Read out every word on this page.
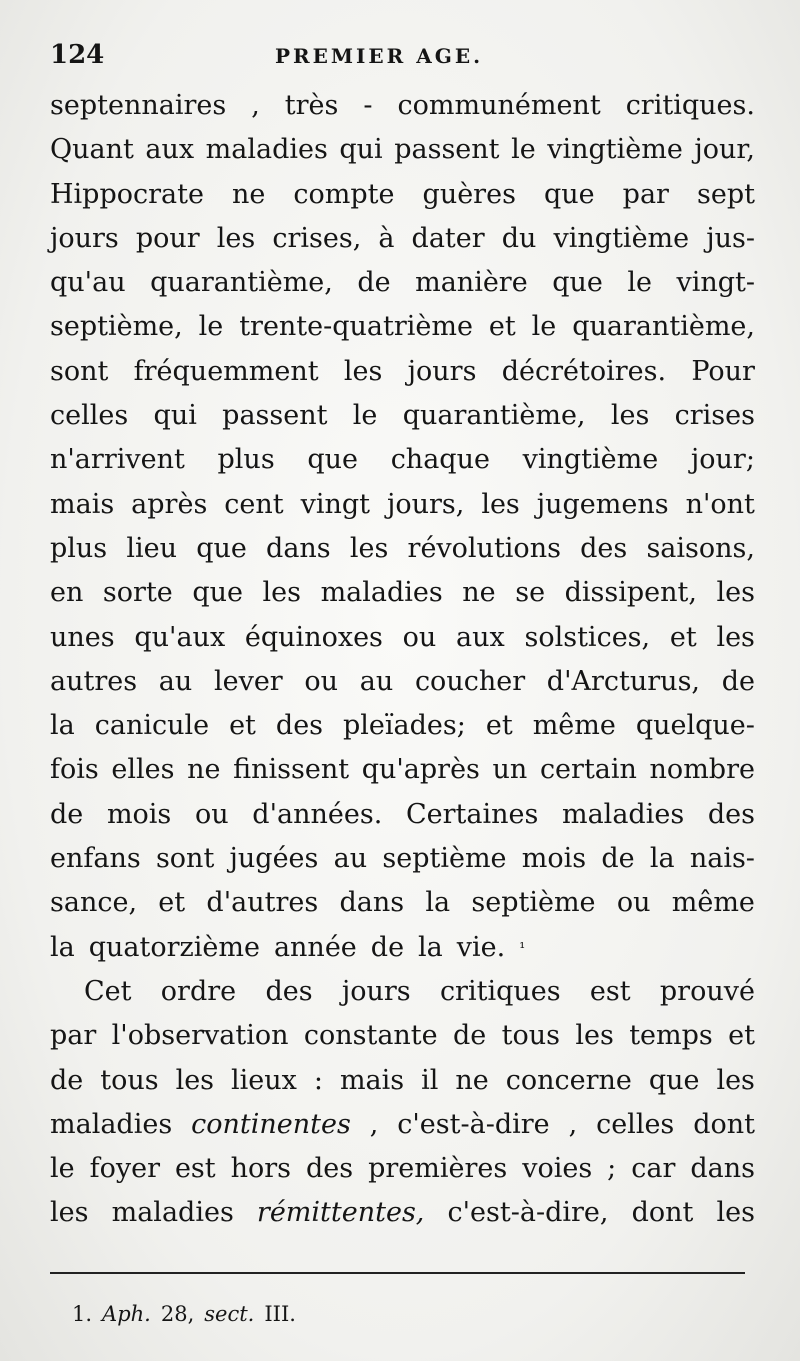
124	PREMIER AGE.
septennaires , très - communément critiques.
Quant aux maladies qui passent le vingtième jour,
Hippocrate ne compte guères que par sept
jours pour les crises, à dater du vingtième jus-
qu'au quarantième, de manière que le vingt-
septième, le trente-quatrième et le quarantième,
sont fréquemment les jours décrétoires. Pour
celles qui passent le quarantième, les crises
n'arrivent plus que chaque vingtième jour;
mais après cent vingt jours, les jugemens n'ont
plus lieu que dans les révolutions des saisons,
en sorte que les maladies ne se dissipent, les
unes qu'aux équinoxes ou aux solstices, et les
autres au lever ou au coucher d'Arcturus, de
la canicule et des pleïades; et même quelque-
fois elles ne finissent qu'après un certain nombre
de mois ou d'années. Certaines maladies des
enfans sont jugées au septième mois de la nais-
sance, et d'autres dans la septième ou même
la quatorzième année de la vie. ¹
Cet ordre des jours critiques est prouvé
par l'observation constante de tous les temps et
de tous les lieux : mais il ne concerne que les
maladies continentes , c'est-à-dire , celles dont
le foyer est hors des premières voies ; car dans
les maladies rémittentes, c'est-à-dire, dont les
1. Aph. 28, sect. III.
